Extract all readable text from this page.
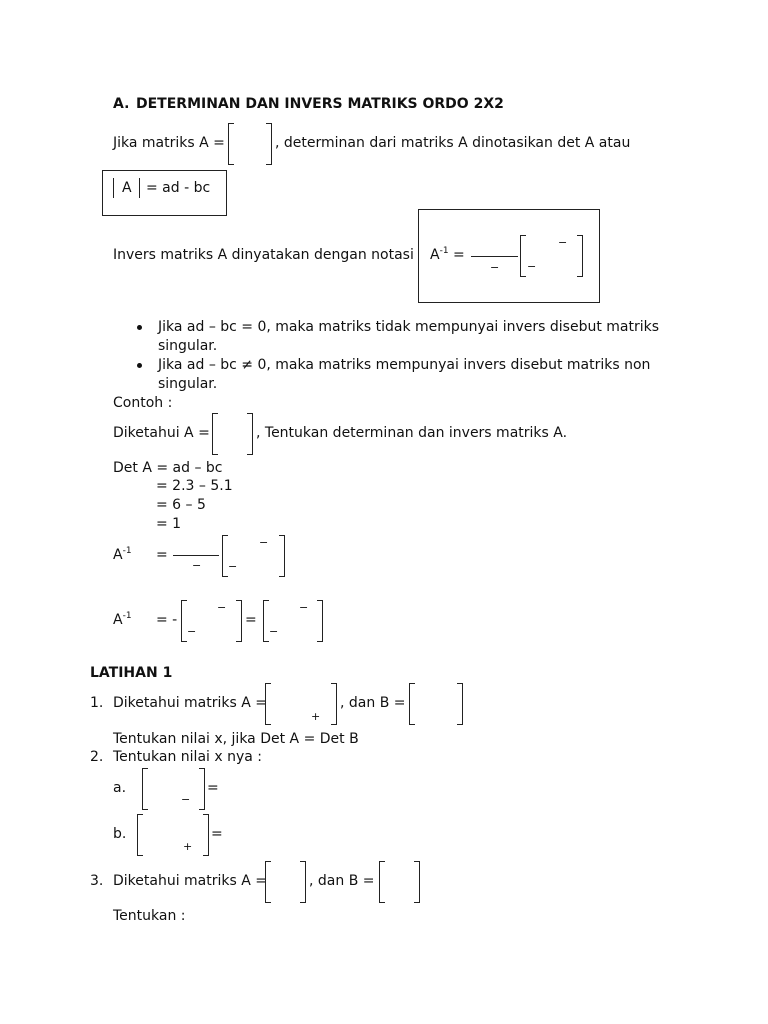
A. DETERMINAN DAN INVERS MATRIKS ORDO 2X2
Jika matriks A =	, determinan dari matriks A dinotasikan det A atau
A = ad - bc
Invers matriks A dinyatakan dengan notasi $A^{-1}$ =
−
−
−
Jika ad – bc = 0, maka matriks tidak mempunyai invers disebut matriks
singular.
Jika ad – bc ≠ 0, maka matriks mempunyai invers disebut matriks non
singular.
Contoh :
Diketahui A =	, Tentukan determinan dan invers matriks A.
Det A = ad – bc
= 2.3 – 5.1
= 6 – 5
= 1
$A^{-1}$ =
−
−
−
$A^{-1}$ = -
−
−
=
−
−
LATIHAN 1
1. Diketahui matriks A =
+
, dan B =
Tentukan nilai x, jika Det A = Det B
2. Tentukan nilai x nya :
a.
−
=
b.
+
=
3. Diketahui matriks A =	, dan B =
Tentukan :
